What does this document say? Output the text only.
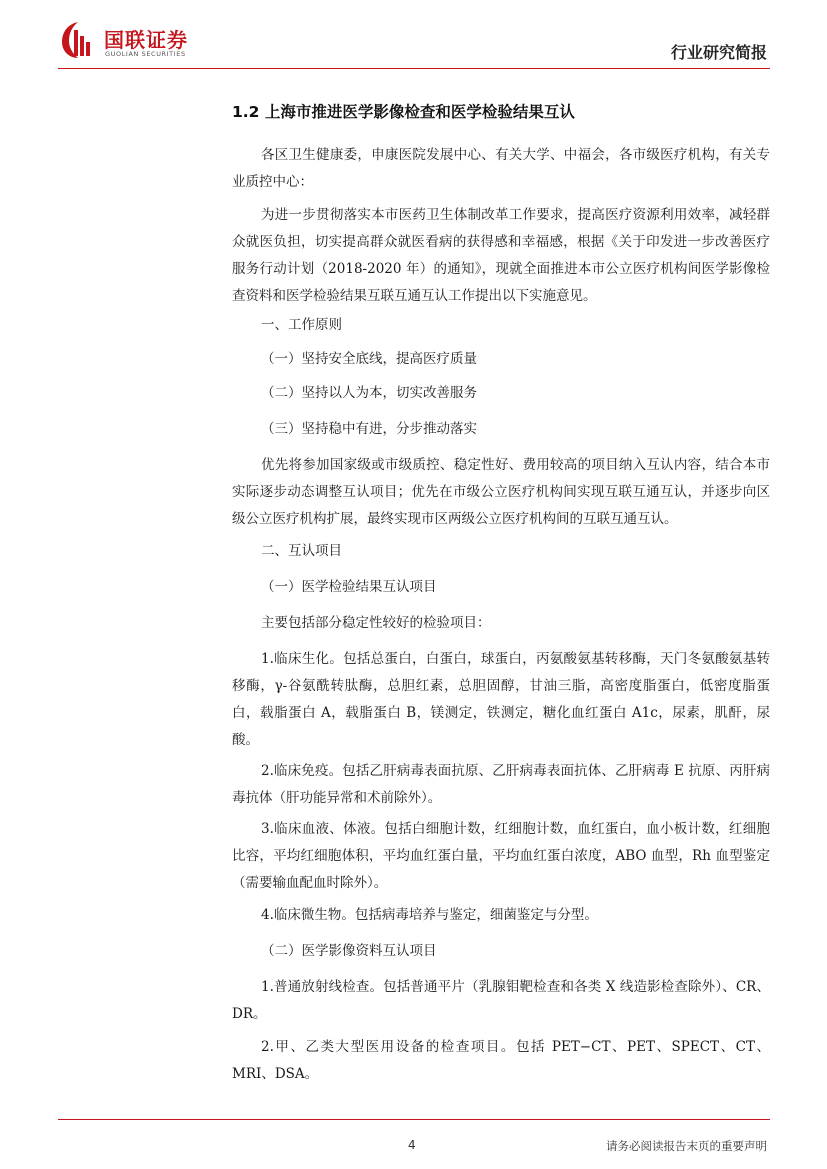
国联证券
GUOLIAN SECURITIES	行业研究简报
1.2 上海市推进医学影像检查和医学检验结果互认

各区卫生健康委，申康医院发展中心、有关大学、中福会，各市级医疗机构，有关专业质控中心：

为进一步贯彻落实本市医药卫生体制改革工作要求，提高医疗资源利用效率，减轻群众就医负担，切实提高群众就医看病的获得感和幸福感，根据《关于印发进一步改善医疗服务行动计划（2018-2020 年）的通知》，现就全面推进本市公立医疗机构间医学影像检查资料和医学检验结果互联互通互认工作提出以下实施意见。

一、工作原则

（一）坚持安全底线，提高医疗质量

（二）坚持以人为本，切实改善服务

（三）坚持稳中有进，分步推动落实

优先将参加国家级或市级质控、稳定性好、费用较高的项目纳入互认内容，结合本市实际逐步动态调整互认项目；优先在市级公立医疗机构间实现互联互通互认，并逐步向区级公立医疗机构扩展，最终实现市区两级公立医疗机构间的互联互通互认。

二、互认项目

（一）医学检验结果互认项目

主要包括部分稳定性较好的检验项目：

1.临床生化。包括总蛋白，白蛋白，球蛋白，丙氨酸氨基转移酶，天门冬氨酸氨基转移酶，γ-谷氨酰转肽酶，总胆红素，总胆固醇，甘油三脂，高密度脂蛋白，低密度脂蛋白，载脂蛋白 A，载脂蛋白 B，镁测定，铁测定，糖化血红蛋白 A1c，尿素，肌酐，尿酸。

2.临床免疫。包括乙肝病毒表面抗原、乙肝病毒表面抗体、乙肝病毒 E 抗原、丙肝病毒抗体（肝功能异常和术前除外）。

3.临床血液、体液。包括白细胞计数，红细胞计数，血红蛋白，血小板计数，红细胞比容，平均红细胞体积，平均血红蛋白量，平均血红蛋白浓度，ABO 血型，Rh 血型鉴定（需要输血配血时除外）。

4.临床微生物。包括病毒培养与鉴定，细菌鉴定与分型。

（二）医学影像资料互认项目

1.普通放射线检查。包括普通平片（乳腺钼靶检查和各类 X 线造影检查除外）、CR、DR。

2.甲、乙类大型医用设备的检查项目。包括 PET−CT、PET、SPECT、CT、MRI、DSA。

4	请务必阅读报告末页的重要声明
